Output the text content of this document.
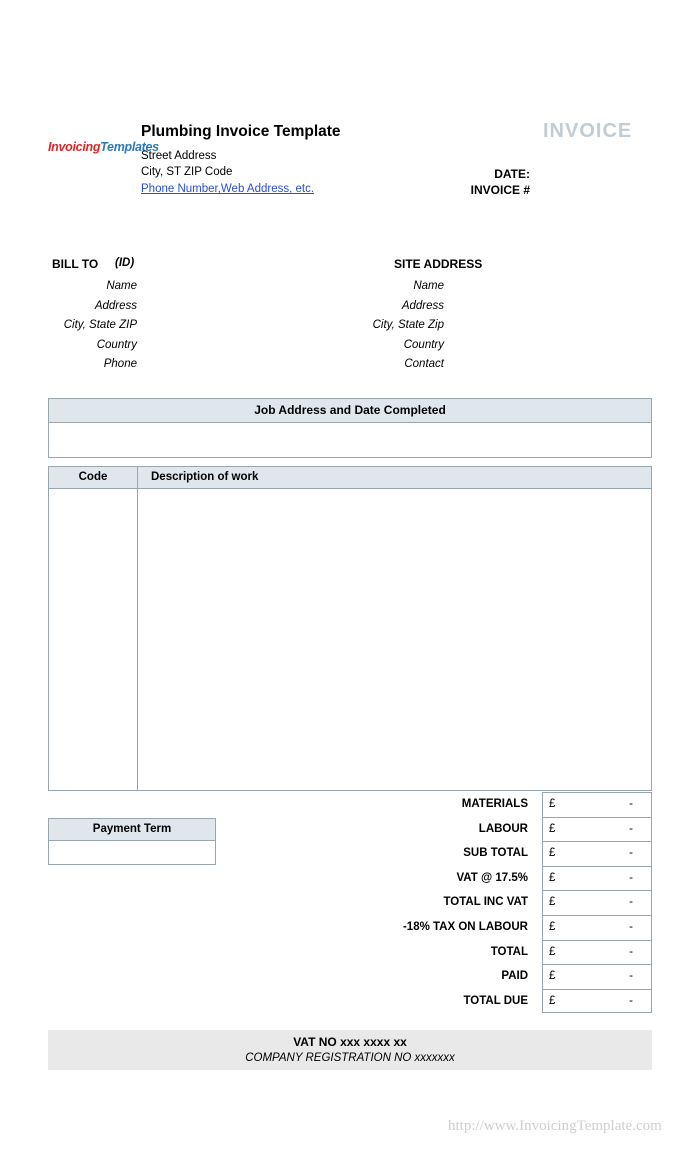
InvoicingTemplates
Plumbing Invoice Template
Street Address
City, ST ZIP Code
Phone Number,Web Address, etc.
INVOICE
DATE:
INVOICE #
BILL TO (ID)	SITE ADDRESS
Name
Address
City, State ZIP
Country
Phone
Name
Address
City, State Zip
Country
Contact
Job Address and Date Completed
Code	Description of work
Payment Term
MATERIALS	£	-
LABOUR	£	-
SUB TOTAL	£	-
VAT @ 17.5%	£	-
TOTAL INC VAT	£	-
-18% TAX ON LABOUR	£	-
TOTAL	£	-
PAID	£	-
TOTAL DUE	£	-
VAT NO xxx xxxx xx
COMPANY REGISTRATION NO xxxxxxx
http://www.InvoicingTemplate.com
